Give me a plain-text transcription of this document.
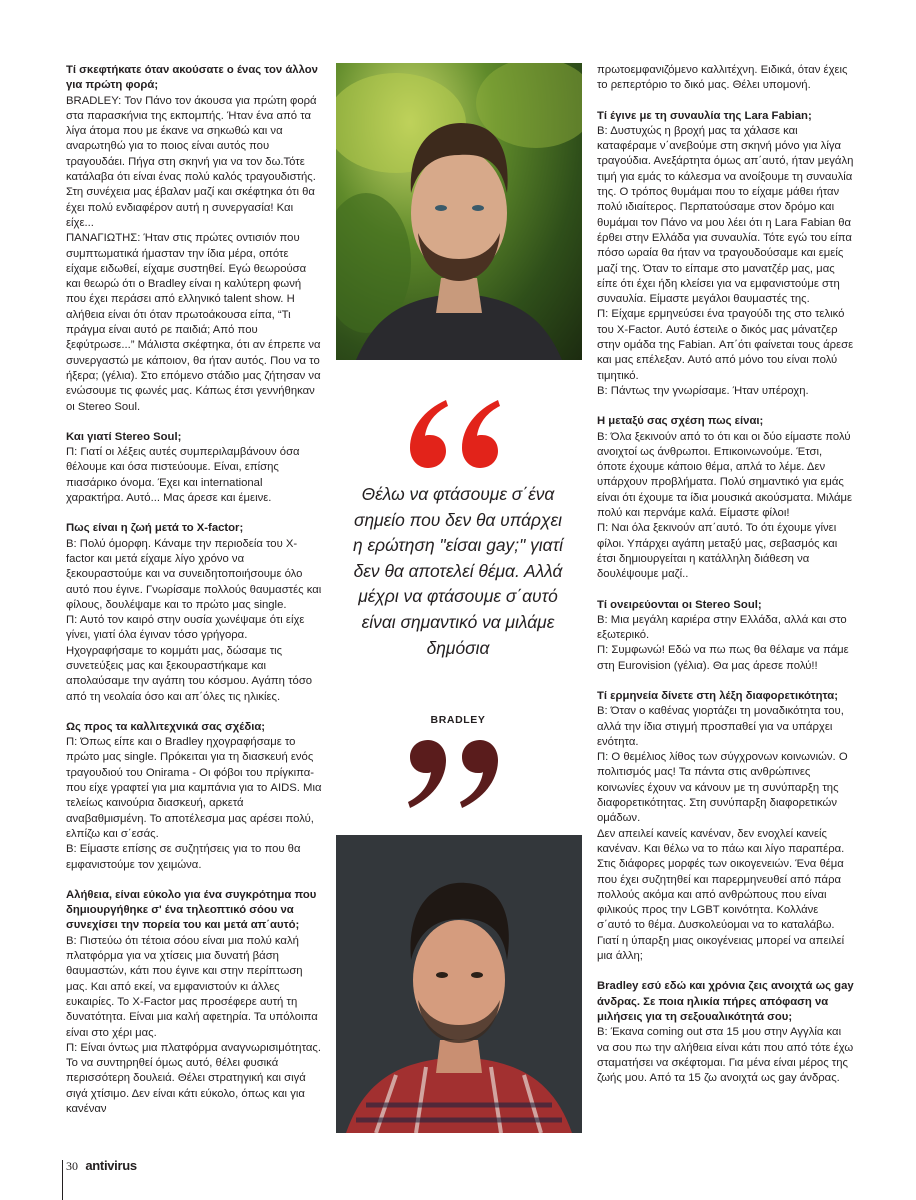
Τί σκεφτήκατε όταν ακούσατε ο ένας τον άλλον για πρώτη φορά;

BRADLEY: Τον Πάνο τον άκουσα για πρώτη φορά στα παρασκήνια της εκπομπής. Ήταν ένα από τα λίγα άτομα που με έκανε να σηκωθώ και να αναρωτηθώ για το ποιος είναι αυτός που τραγουδάει. Πήγα στη σκηνή για να τον δω.Τότε κατάλαβα ότι είναι ένας πολύ καλός τραγουδιστής. Στη συνέχεια μας έβαλαν μαζί και σκέφτηκα ότι θα έχει πολύ ενδιαφέρον αυτή η συνεργασία! Και είχε...

ΠΑΝΑΓΙΩΤΗΣ: Ήταν στις πρώτες οντισιόν που συμπτωματικά ήμασταν την ίδια μέρα, οπότε είχαμε ειδωθεί, είχαμε συστηθεί. Εγώ θεωρούσα και θεωρώ ότι ο Bradley είναι η καλύτερη φωνή που έχει περάσει από ελληνικό talent show. Η αλήθεια είναι ότι όταν πρωτοάκουσα είπα, “Τι πράγμα είναι αυτό ρε παιδιά; Από που ξεφύτρωσε...” Μάλιστα σκέφτηκα, ότι αν έπρεπε να συνεργαστώ με κάποιον, θα ήταν αυτός. Που να το ήξερα; (γέλια). Στο επόμενο στάδιο μας ζήτησαν να ενώσουμε τις φωνές μας. Κάπως έτσι γεννήθηκαν οι Stereo Soul.

Και γιατί Stereo Soul;

Π: Γιατί οι λέξεις αυτές συμπεριλαμβάνουν όσα θέλουμε και όσα πιστεύουμε. Είναι, επίσης πιασάρικο όνομα. Έχει και international χαρακτήρα. Αυτό... Μας άρεσε και έμεινε.

Πως είναι η ζωή μετά το X-factor;

Β: Πολύ όμορφη. Κάναμε την περιοδεία του X-factor και μετά είχαμε λίγο χρόνο να ξεκουραστούμε και να συνειδητοποιήσουμε όλο αυτό που έγινε. Γνωρίσαμε πολλούς θαυμαστές και φίλους, δουλέψαμε και το πρώτο μας single.

Π: Αυτό τον καιρό στην ουσία χωνέψαμε ότι είχε γίνει, γιατί όλα έγιναν τόσο γρήγορα. Ηχογραφήσαμε το κομμάτι μας, δώσαμε τις συνετεύξεις μας και ξεκουραστήκαμε και απολαύσαμε την αγάπη του κόσμου. Αγάπη τόσο από τη νεολαία όσο και απ΄όλες τις ηλικίες.

Ως προς τα καλλιτεχνικά σας σχέδια;

Π: Όπως είπε και ο Bradley ηχογραφήσαμε το πρώτο μας single. Πρόκειται για τη διασκευή ενός τραγουδιού του Onirama - Οι φόβοι του πρίγκιπα- που είχε γραφτεί για μια καμπάνια για το AIDS. Μια τελείως καινούρια διασκευή, αρκετά αναβαθμισμένη. Το αποτέλεσμα μας αρέσει πολύ, ελπίζω και σ΄εσάς.

Β: Είμαστε επίσης σε συζητήσεις για το που θα εμφανιστούμε τον χειμώνα.

Αλήθεια, είναι εύκολο για ένα συγκρότημα που δημιουργήθηκε σ' ένα τηλεοπτικό σόου να συνεχίσει την πορεία του και μετά απ΄αυτό;

Β: Πιστεύω ότι τέτοια σόου είναι μια πολύ καλή πλατφόρμα για να χτίσεις μια δυνατή βάση θαυμαστών, κάτι που έγινε και στην περίπτωση μας. Και από εκεί, να εμφανιστούν κι άλλες ευκαιρίες. Το X-Factor μας προσέφερε αυτή τη δυνατότητα. Είναι μια καλή αφετηρία. Τα υπόλοιπα είναι στο χέρι μας.

Π: Είναι όντως μια πλατφόρμα αναγνωρισιμότητας. Το να συντηρηθεί όμως αυτό, θέλει φυσικά περισσότερη δουλειά. Θέλει στρατηγική και σιγά σιγά χτίσιμο. Δεν είναι κάτι εύκολο, όπως και για κανέναν

Θέλω να φτάσουμε σ΄ένα σημείο που δεν θα υπάρχει η ερώτηση "είσαι gay;" γιατί δεν θα αποτελεί θέμα. Αλλά μέχρι να φτάσουμε σ΄αυτό είναι σημαντικό να μιλάμε δημόσια
BRADLEY

πρωτοεμφανιζόμενο καλλιτέχνη. Ειδικά, όταν έχεις το ρεπερτόριο το δικό μας. Θέλει υπομονή.

Τί έγινε με τη συναυλία της Lara Fabian;

Β: Δυστυχώς η βροχή μας τα χάλασε και καταφέραμε ν΄ανεβούμε στη σκηνή μόνο για λίγα τραγούδια. Ανεξάρτητα όμως απ΄αυτό, ήταν μεγάλη τιμή για εμάς το κάλεσμα να ανοίξουμε τη συναυλία της. Ο τρόπος θυμάμαι που το είχαμε μάθει ήταν πολύ ιδιαίτερος. Περπατούσαμε στον δρόμο και θυμάμαι τον Πάνο να μου λέει ότι η Lara Fabian θα έρθει στην Ελλάδα για συναυλία. Τότε εγώ του είπα πόσο ωραία θα ήταν να τραγουδούσαμε και εμείς μαζί της. Όταν το είπαμε στο μανατζέρ μας, μας είπε ότι έχει ήδη κλείσει για να εμφανιστούμε στη συναυλία. Είμαστε μεγάλοι θαυμαστές της.

Π: Είχαμε ερμηνεύσει ένα τραγούδι της στο τελικό του X-Factor. Αυτό έστειλε ο δικός μας μάνατζερ στην ομάδα της Fabian. Απ΄ότι φαίνεται τους άρεσε και μας επέλεξαν. Αυτό από μόνο του είναι πολύ τιμητικό.

Β: Πάντως την γνωρίσαμε. Ήταν υπέροχη.

Η μεταξύ σας σχέση πως είναι;

Β: Όλα ξεκινούν από το ότι και οι δύο είμαστε πολύ ανοιχτοί ως άνθρωποι. Επικοινωνούμε. Έτσι, όποτε έχουμε κάποιο θέμα, απλά το λέμε. Δεν υπάρχουν προβλήματα. Πολύ σημαντικό για εμάς είναι ότι έχουμε τα ίδια μουσικά ακούσματα. Μιλάμε πολύ και περνάμε καλά. Είμαστε φίλοι!

Π: Ναι όλα ξεκινούν απ΄αυτό. Το ότι έχουμε γίνει φίλοι. Υπάρχει αγάπη μεταξύ μας, σεβασμός και έτσι δημιουργείται η κατάλληλη διάθεση να δουλέψουμε μαζί..

Τί ονειρεύονται οι Stereo Soul;

Β: Μια μεγάλη καριέρα στην Ελλάδα, αλλά και στο εξωτερικό.

Π: Συμφωνώ! Εδώ να πω πως θα θέλαμε να πάμε στη Eurovision (γέλια). Θα μας άρεσε πολύ!!

Τί ερμηνεία δίνετε στη λέξη διαφορετικότητα;

Β: Όταν ο καθένας γιορτάζει τη μοναδικότητα του, αλλά την ίδια στιγμή προσπαθεί για να υπάρχει ενότητα.

Π: Ο θεμέλιος λίθος των σύγχρονων κοινωνιών. Ο πολιτισμός μας! Τα πάντα στις ανθρώπινες κοινωνίες έχουν να κάνουν με τη συνύπαρξη της διαφορετικότητας. Στη συνύπαρξη διαφορετικών ομάδων.

Δεν απειλεί κανείς κανέναν, δεν ενοχλεί κανείς κανέναν. Και θέλω να το πάω και λίγο παραπέρα. Στις διάφορες μορφές των οικογενειών. Ένα θέμα που έχει συζητηθεί και παρερμηνευθεί από πάρα πολλούς ακόμα και από ανθρώπους που είναι φιλικούς προς την LGBT κοινότητα. Κολλάνε σ΄αυτό το θέμα. Δυσκολεύομαι να το καταλάβω. Γιατί η ύπαρξη μιας οικογένειας μπορεί να απειλεί μια άλλη;

Bradley εσύ εδώ και χρόνια ζεις ανοιχτά ως gay άνδρας. Σε ποια ηλικία πήρες απόφαση να μιλήσεις για τη σεξουαλικότητά σου;

Β: Έκανα coming out στα 15 μου στην Αγγλία και να σου πω την αλήθεια είναι κάτι που από τότε έχω σταματήσει να σκέφτομαι. Για μένα είναι μέρος της ζωής μου. Από τα 15 ζω ανοιχτά ως gay άνδρας.

30 antivirus
